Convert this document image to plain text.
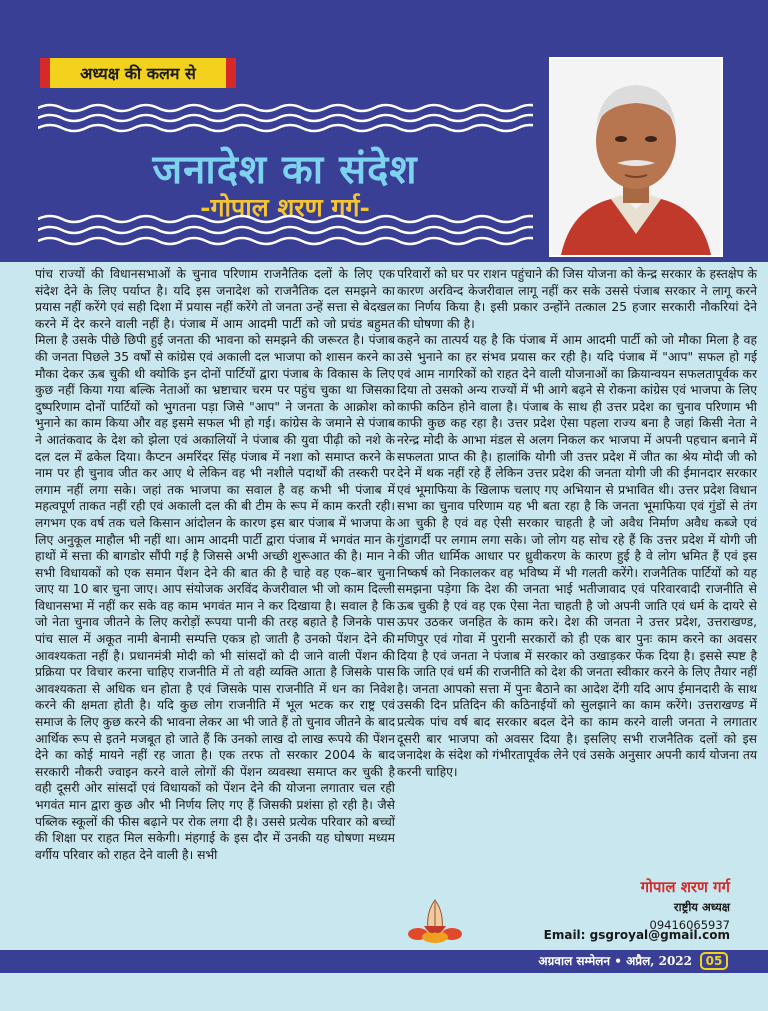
अध्यक्ष की कलम से
जनादेश का संदेश
-गोपाल शरण गर्ग-

पांच राज्यों की विधानसभाओं के चुनाव परिणाम राजनैतिक दलों के लिए एक संदेश देने के लिए पर्याप्त है। यदि इस जनादेश को राजनैतिक दल समझने का प्रयास नहीं करेंगे एवं सही दिशा में प्रयास नहीं करेंगे तो जनता उन्हें सत्ता से बेदखल करने में देर करने वाली नहीं है। पंजाब में आम आदमी पार्टी को जो प्रचंड बहुमत मिला है उसके पीछे छिपी हुई जनता की भावना को समझने की जरूरत है। पंजाब की जनता पिछले 35 वर्षों से कांग्रेस एवं अकाली दल भाजपा को शासन करने का मौका देकर ऊब चुकी थी क्योकि इन दोनों पार्टियों द्वारा पंजाब के विकास के लिए कुछ नहीं किया गया बल्कि नेताओं का भ्रष्टाचार चरम पर पहुंच चुका था जिसका दुष्परिणाम दोनों पार्टियों को भुगतना पड़ा जिसे "आप" ने जनता के आक्रोश को भुनाने का काम किया और वह इसमे सफल भी हो गई। कांग्रेस के जमाने से पंजाब ने आतंकवाद के देश को झेला एवं अकालियों ने पंजाब की युवा पीढ़ी को नशे के दल दल में ढकेल दिया। कैप्टन अमरिंदर सिंह पंजाब में नशा को समाप्त करने के नाम पर ही चुनाव जीत कर आए थे लेकिन वह भी नशीले पदार्थों की तस्करी पर लगाम नहीं लगा सके। जहां तक भाजपा का सवाल है वह कभी भी पंजाब में महत्वपूर्ण ताकत नहीं रही एवं अकाली दल की बी टीम के रूप में काम करती रही। लगभग एक वर्ष तक चले किसान आंदोलन के कारण इस बार पंजाब में भाजपा के लिए अनुकूल माहौल भी नहीं था। आम आदमी पार्टी द्वारा पंजाब में भगवंत मान के हाथों में सत्ता की बागडोर सौंपी गई है जिससे अभी अच्छी शुरूआत की है। मान ने सभी विधायकों को एक समान पेंशन देने की बात की है चाहे वह एक–बार चुना जाए या 10 बार चुना जाए। आप संयोजक अरविंद केजरीवाल भी जो काम दिल्ली विधानसभा में नहीं कर सके वह काम भगवंत मान ने कर दिखाया है। सवाल है कि जो नेता चुनाव जीतने के लिए करोड़ों रूपया पानी की तरह बहाते है जिनके पास पांच साल में अकूत नामी बेनामी सम्पत्ति एकत्र हो जाती है उनको पेंशन देने की आवश्यकता नहीं है। प्रधानमंत्री मोदी को भी सांसदों को दी जाने वाली पेंशन की प्रक्रिया पर विचार करना चाहिए राजनीति में तो वही व्यक्ति आता है जिसके पास आवश्यकता से अधिक धन होता है एवं जिसके पास राजनीति में धन का निवेश करने की क्षमता होती है। यदि कुछ लोग राजनीति में भूल भटक कर राष्ट्र एवं समाज के लिए कुछ करने की भावना लेकर आ भी जाते हैं तो चुनाव जीतने के बाद आर्थिक रूप से इतने मजबूत हो जाते हैं कि उनको लाख दो लाख रूपये की पेंशन देने का कोई मायने नहीं रह जाता है। एक तरफ तो सरकार 2004 के बाद सरकारी नौकरी ज्वाइन करने वाले लोगों की पेंशन व्यवस्था समाप्त कर चुकी है वही दूसरी ओर सांसदों एवं विधायकों को पेंशन देने की योजना लगातार चल रही भगवंत मान द्वारा कुछ और भी निर्णय लिए गए हैं जिसकी प्रशंसा हो रही है। जैसे पब्लिक स्कूलों की फीस बढ़ाने पर रोक लगा दी है। उससे प्रत्येक परिवार को बच्चों की शिक्षा पर राहत मिल सकेगी। मंहगाई के इस दौर में उनकी यह घोषणा मध्यम वर्गीय परिवार को राहत देने वाली है। सभी

परिवारों को घर पर राशन पहुंचाने की जिस योजना को केन्द्र सरकार के हस्तक्षेप के कारण अरविन्द केजरीवाल लागू नहीं कर सके उससे पंजाब सरकार ने लागू करने का निर्णय किया है। इसी प्रकार उन्होंने तत्काल 25 हजार सरकारी नौकरियां देने की घोषणा की है।

कहने का तात्पर्य यह है कि पंजाब में आम आदमी पार्टी को जो मौका मिला है वह उसे भुनाने का हर संभव प्रयास कर रही है। यदि पंजाब में "आप" सफल हो गई एवं आम नागरिकों को राहत देने वाली योजनाओं का क्रियान्वयन सफलतापूर्वक कर दिया तो उसको अन्य राज्यों में भी आगे बढ़ने से रोकना कांग्रेस एवं भाजपा के लिए काफी कठिन होने वाला है। पंजाब के साथ ही उत्तर प्रदेश का चुनाव परिणाम भी काफी कुछ कह रहा है। उत्तर प्रदेश ऐसा पहला राज्य बना है जहां किसी नेता ने नरेन्द्र मोदी के आभा मंडल से अलग निकल कर भाजपा में अपनी पहचान बनाने में सफलता प्राप्त की है। हालांकि योगी जी उत्तर प्रदेश में जीत का श्रेय मोदी जी को देने में थक नहीं रहे हैं लेकिन उत्तर प्रदेश की जनता योगी जी की ईमानदार सरकार एवं भूमाफिया के खिलाफ चलाए गए अभियान से प्रभावित थी। उत्तर प्रदेश विधान सभा का चुनाव परिणाम यह भी बता रहा है कि जनता भूमाफिया एवं गुंडों से तंग आ चुकी है एवं वह ऐसी सरकार चाहती है जो अवैध निर्माण अवैध कब्जे एवं गुंडागर्दी पर लगाम लगा सके। जो लोग यह सोच रहे हैं कि उत्तर प्रदेश में योगी जी की जीत धार्मिक आधार पर ध्रुवीकरण के कारण हुई है वे लोग भ्रमित हैं एवं इस निष्कर्ष को निकालकर वह भविष्य में भी गलती करेंगे। राजनैतिक पार्टियों को यह समझना पड़ेगा कि देश की जनता भाई भतीजावाद एवं परिवारवादी राजनीति से ऊब चुकी है एवं वह एक ऐसा नेता चाहती है जो अपनी जाति एवं धर्म के दायरे से ऊपर उठकर जनहित के काम करे। देश की जनता ने उत्तर प्रदेश, उत्तराखण्ड, मणिपुर एवं गोवा में पुरानी सरकारों को ही एक बार पुनः काम करने का अवसर दिया है एवं जनता ने पंजाब में सरकार को उखाड़कर फेंक दिया है। इससे स्पष्ट है कि जाति एवं धर्म की राजनीति को देश की जनता स्वीकार करने के लिए तैयार नहीं है। जनता आपको सत्ता में पुनः बैठाने का आदेश देंगी यदि आप ईमानदारी के साथ उसकी दिन प्रतिदिन की कठिनाईयों को सुलझाने का काम करेंगे। उत्तराखण्ड में प्रत्येक पांच वर्ष बाद सरकार बदल देने का काम करने वाली जनता ने लगातार दूसरी बार भाजपा को अवसर दिया है। इसलिए सभी राजनैतिक दलों को इस जनादेश के संदेश को गंभीरतापूर्वक लेने एवं उसके अनुसार अपनी कार्य योजना तय करनी चाहिए।

गोपाल शरण गर्ग
राष्ट्रीय अध्यक्ष
09416065937
Email: gsgroyal@gmail.com
अग्रवाल सम्मेलन • अप्रैल, 2022	05
